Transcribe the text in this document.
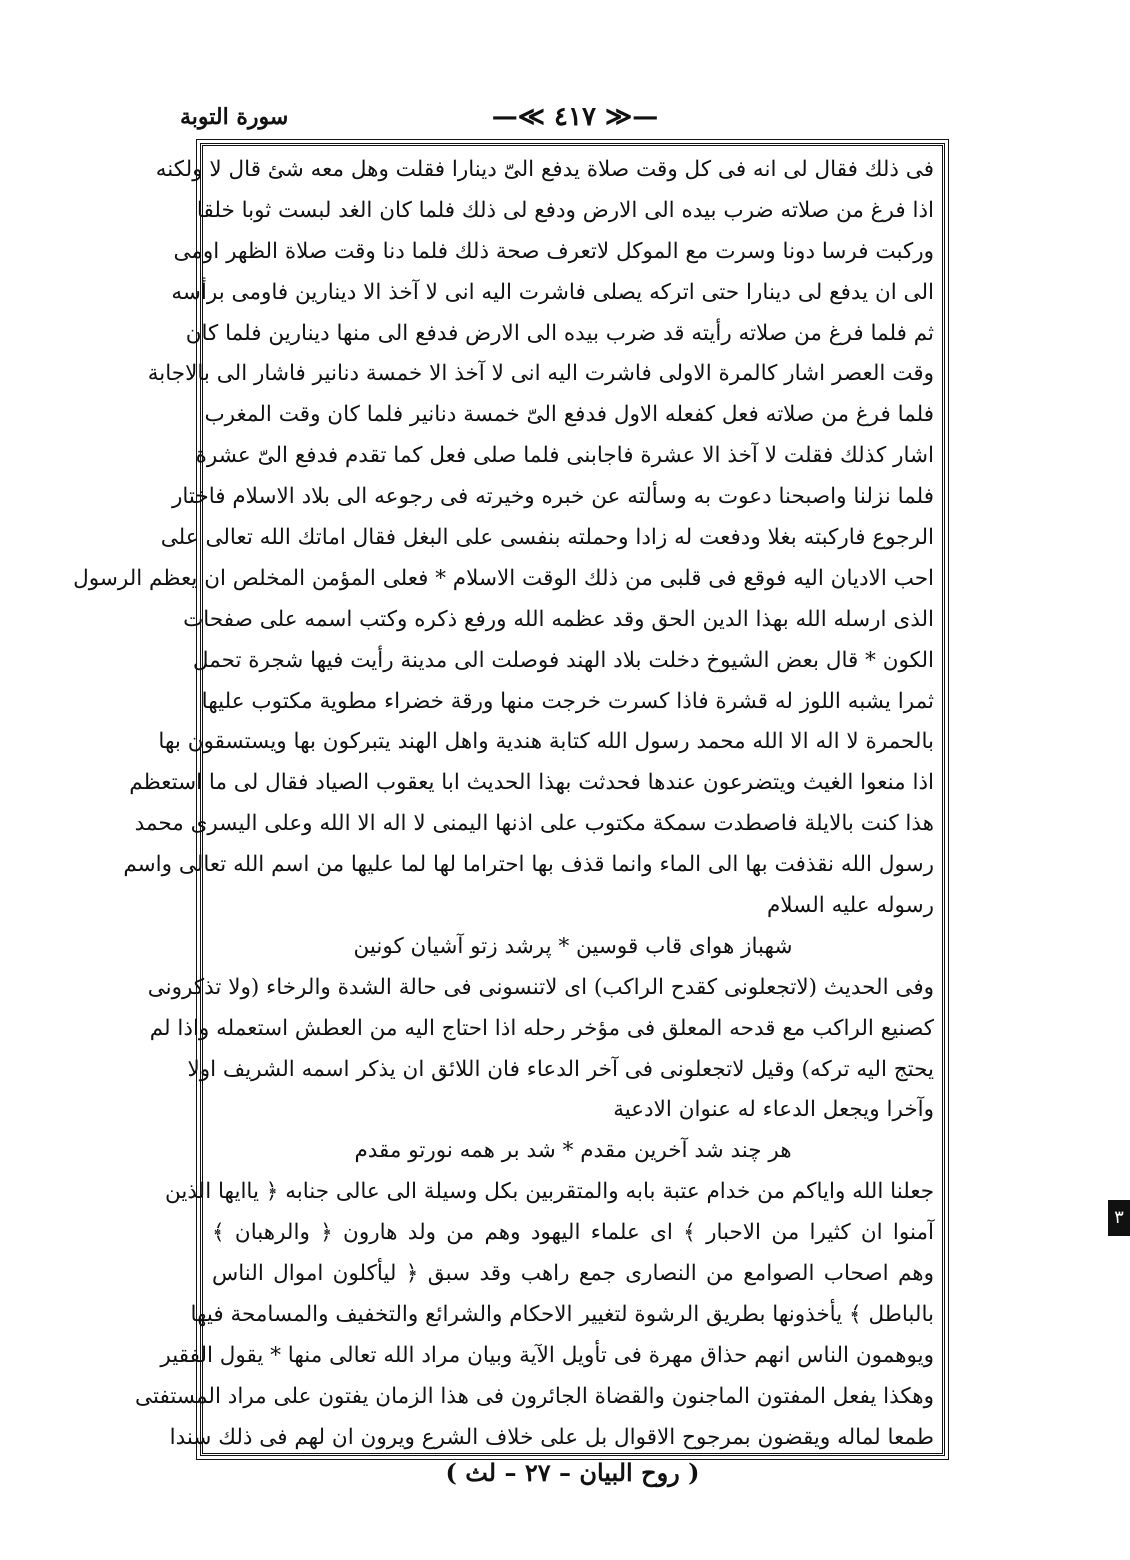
—≪ ٤١٧ ≫—
سورة التوبة
فى ذلك فقال لى انه فى كل وقت صلاة يدفع الىّ دينارا فقلت وهل معه شئ قال لا ولكنه
اذا فرغ من صلاته ضرب بيده الى الارض ودفع لى ذلك فلما كان الغد لبست ثوبا خلقا
وركبت فرسا دونا وسرت مع الموكل لاتعرف صحة ذلك فلما دنا وقت صلاة الظهر اومى
الى ان يدفع لى دينارا حتى اتركه يصلى فاشرت اليه انى لا آخذ الا دينارين فاومى برأسه
ثم فلما فرغ من صلاته رأيته قد ضرب بيده الى الارض فدفع الى منها دينارين فلما كان
وقت العصر اشار كالمرة الاولى فاشرت اليه انى لا آخذ الا خمسة دنانير فاشار الى بالاجابة
فلما فرغ من صلاته فعل كفعله الاول فدفع الىّ خمسة دنانير فلما كان وقت المغرب
اشار كذلك فقلت لا آخذ الا عشرة فاجابنى فلما صلى فعل كما تقدم فدفع الىّ عشرة
فلما نزلنا واصبحنا دعوت به وسألته عن خبره وخيرته فى رجوعه الى بلاد الاسلام فاختار
الرجوع فاركبته بغلا ودفعت له زادا وحملته بنفسى على البغل فقال اماتك الله تعالى على
احب الاديان اليه فوقع فى قلبى من ذلك الوقت الاسلام * فعلى المؤمن المخلص ان يعظم الرسول
الذى ارسله الله بهذا الدين الحق وقد عظمه الله ورفع ذكره وكتب اسمه على صفحات
الكون * قال بعض الشيوخ دخلت بلاد الهند فوصلت الى مدينة رأيت فيها شجرة تحمل
ثمرا يشبه اللوز له قشرة فاذا كسرت خرجت منها ورقة خضراء مطوية مكتوب عليها
بالحمرة لا اله الا الله محمد رسول الله كتابة هندية واهل الهند يتبركون بها ويستسقون بها
اذا منعوا الغيث ويتضرعون عندها فحدثت بهذا الحديث ابا يعقوب الصياد فقال لى ما استعظم
هذا كنت بالايلة فاصطدت سمكة مكتوب على اذنها اليمنى لا اله الا الله وعلى اليسرى محمد
رسول الله نقذفت بها الى الماء وانما قذف بها احتراما لها لما عليها من اسم الله تعالى واسم
رسوله عليه السلام
شهباز هواى قاب قوسين * پرشد زتو آشيان كونين
وفى الحديث (لاتجعلونى كقدح الراكب) اى لاتنسونى فى حالة الشدة والرخاء (ولا تذكرونى
كصنيع الراكب مع قدحه المعلق فى مؤخر رحله اذا احتاج اليه من العطش استعمله واذا لم
يحتج اليه تركه) وقيل لاتجعلونى فى آخر الدعاء فان اللائق ان يذكر اسمه الشريف اولا
وآخرا ويجعل الدعاء له عنوان الادعية
هر چند شد آخرين مقدم * شد بر همه نورتو مقدم
جعلنا الله واياكم من خدام عتبة بابه والمتقربين بكل وسيلة الى عالى جنابه ﴿ ياايها الذين
آمنوا ان كثيرا من الاحبار ﴾ اى علماء اليهود وهم من ولد هارون ﴿ والرهبان ﴾
وهم اصحاب الصوامع من النصارى جمع راهب وقد سبق ﴿ ليأكلون اموال الناس
بالباطل ﴾ يأخذونها بطريق الرشوة لتغيير الاحكام والشرائع والتخفيف والمسامحة فيها
ويوهمون الناس انهم حذاق مهرة فى تأويل الآية وبيان مراد الله تعالى منها * يقول الفقير
وهكذا يفعل المفتون الماجنون والقضاة الجائرون فى هذا الزمان يفتون على مراد المستفتى
طمعا لماله ويقضون بمرجوح الاقوال بل على خلاف الشرع ويرون ان لهم فى ذلك سندا
( روح البيان – ٢٧ – لث )
٣
